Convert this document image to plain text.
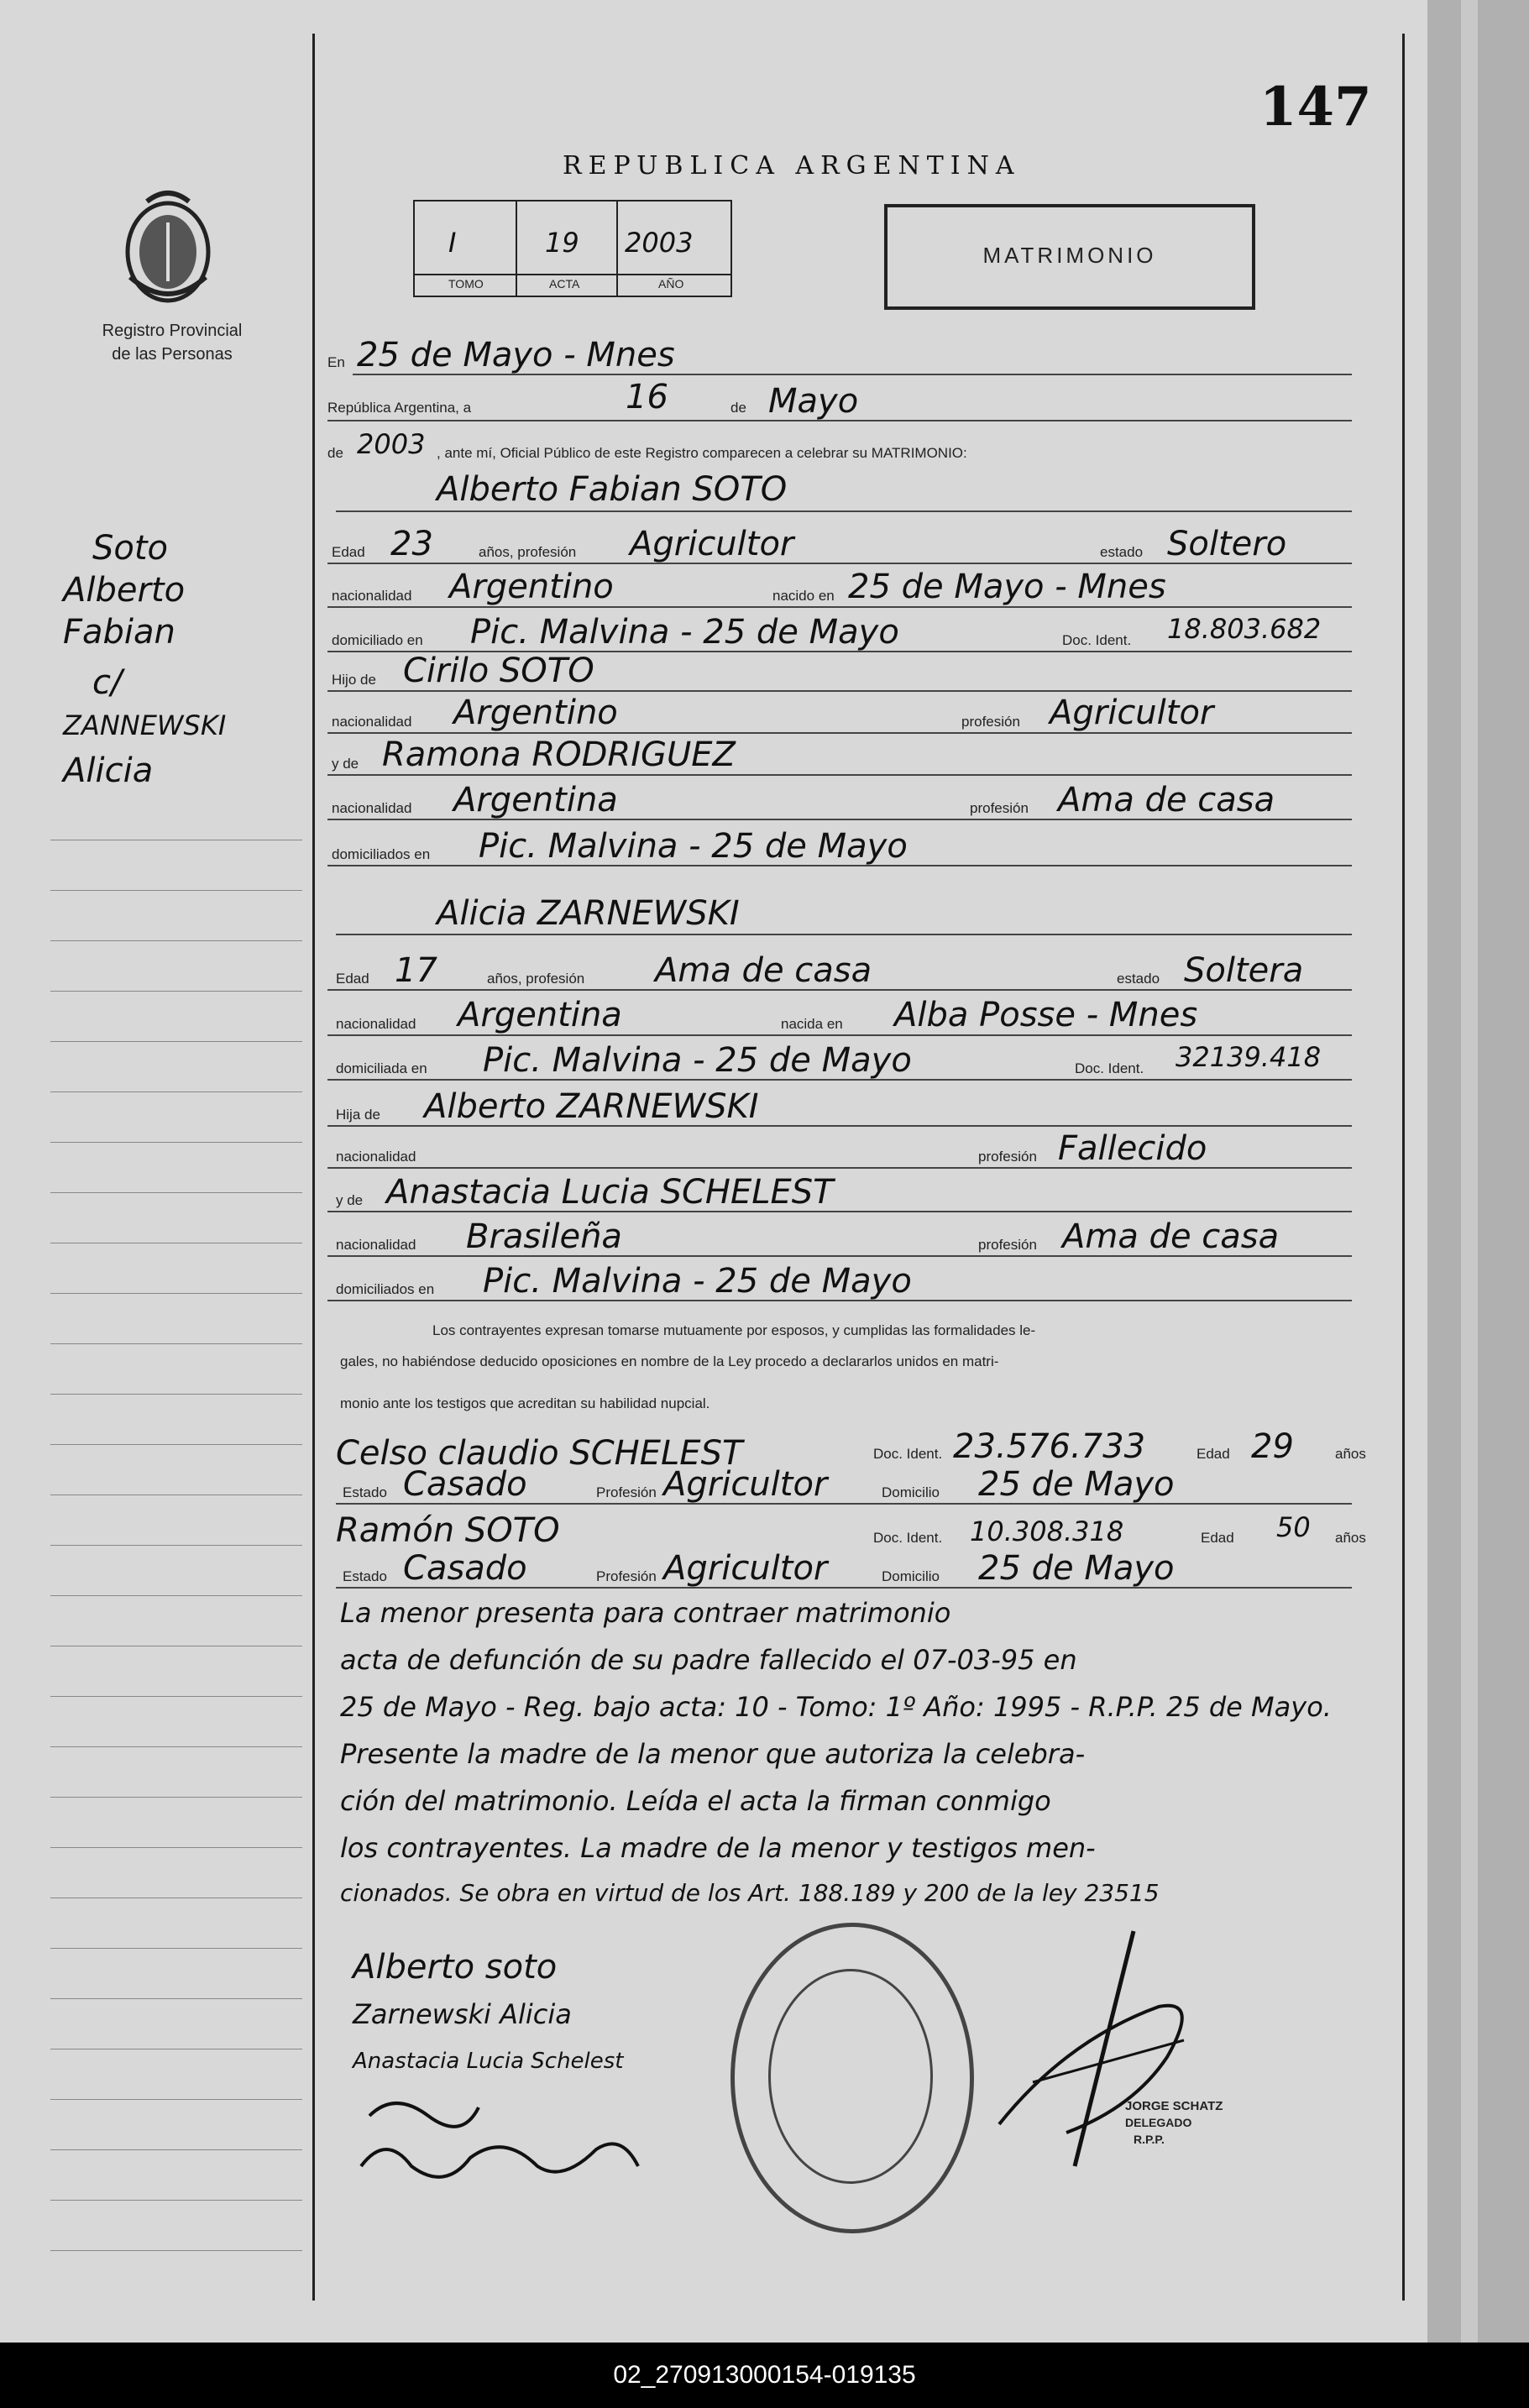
147
Registro Provincial
de las Personas
REPUBLICA ARGENTINA
I	19 2003
TOMO	ACTA	AÑO
MATRIMONIO
Soto
Alberto
Fabian
c/
ZANNEWSKI
Alicia
En 25 de Mayo - Mnes
República Argentina, a	16	de Mayo
de 2003 , ante mí, Oficial Público de este Registro comparecen a celebrar su MATRIMONIO:
Alberto Fabian SOTO
Edad 23	años, profesión Agricultor	estado Soltero
nacionalidad Argentino	nacido en 25 de Mayo - Mnes
domiciliado en Pic. Malvina - 25 de Mayo	Doc. Ident. 18.803.682
Hijo de Cirilo SOTO
nacionalidad Argentino	profesión Agricultor
y de Ramona RODRIGUEZ
nacionalidad Argentina	profesión Ama de casa
domiciliados en Pic. Malvina - 25 de Mayo
Alicia ZARNEWSKI
Edad 17	años, profesión Ama de casa	estado Soltera
nacionalidad Argentina	nacida en Alba Posse - Mnes
domiciliada en Pic. Malvina - 25 de Mayo	Doc. Ident. 32139.418
Hija de Alberto ZARNEWSKI
nacionalidad	profesión Fallecido
y de Anastacia Lucia SCHELEST
nacionalidad Brasileña	profesión Ama de casa
domiciliados en Pic. Malvina - 25 de Mayo
Los contrayentes expresan tomarse mutuamente por esposos, y cumplidas las formalidades le-
gales, no habiéndose deducido oposiciones en nombre de la Ley procedo a declararlos unidos en matri-
monio ante los testigos que acreditan su habilidad nupcial.
Celso claudio SCHELEST	Doc. Ident. 23.576.733	Edad 29	años
Estado Casado	Profesión Agricultor	Domicilio 25 de Mayo
Ramón SOTO	Doc. Ident. 10.308.318	Edad 50 años
Estado Casado	Profesión Agricultor	Domicilio 25 de Mayo
La menor presenta para contraer matrimonio
acta de defunción de su padre fallecido el 07-03-95 en
25 de Mayo - Reg. bajo acta: 10 - Tomo: 1º Año: 1995 - R.P.P. 25 de Mayo.
Presente la madre de la menor que autoriza la celebra-
ción del matrimonio. Leída el acta la firman conmigo
los contrayentes. La madre de la menor y testigos men-
cionados. Se obra en virtud de los Art. 188.189 y 200 de la ley 23515
Alberto soto
Zarnewski Alicia
Anastacia Lucia Schelest
JORGE SCHATZ
DELEGADO
R.P.P.
02_270913000154-019135
